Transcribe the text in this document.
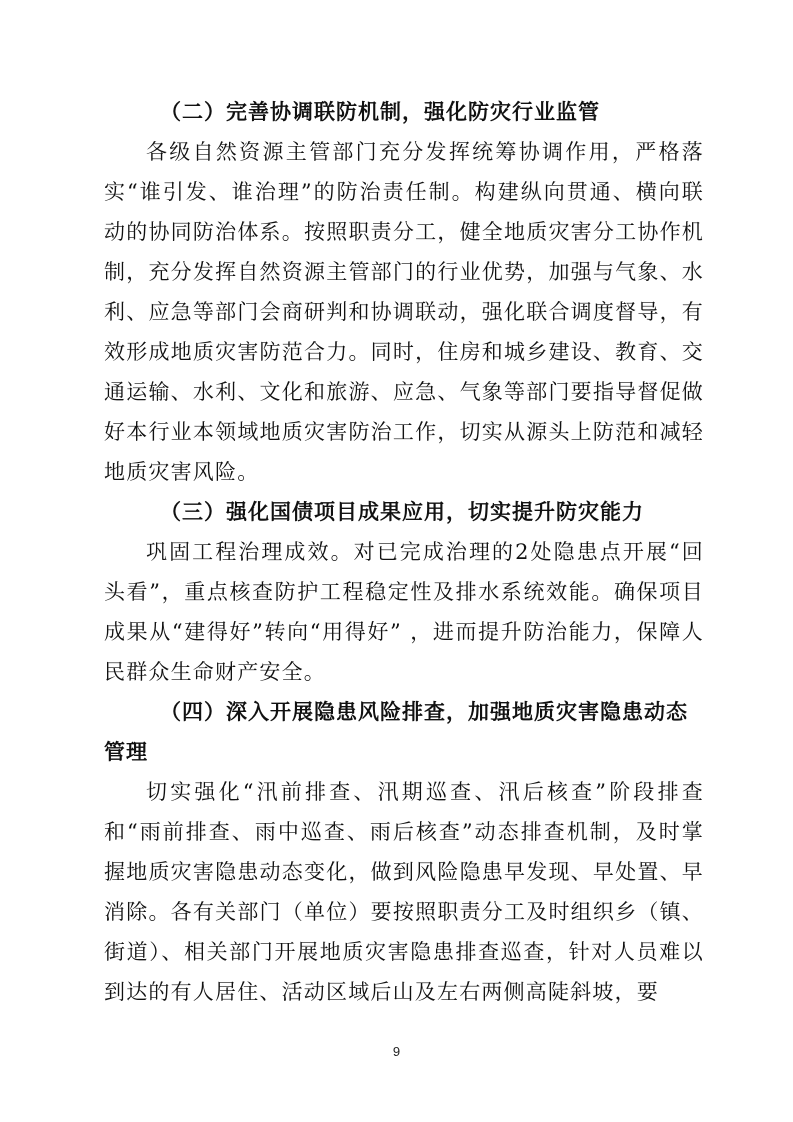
（二）完善协调联防机制，强化防灾行业监管

各级自然资源主管部门充分发挥统筹协调作用，严格落实“谁引发、谁治理”的防治责任制。构建纵向贯通、横向联动的协同防治体系。按照职责分工，健全地质灾害分工协作机制，充分发挥自然资源主管部门的行业优势，加强与气象、水利、应急等部门会商研判和协调联动，强化联合调度督导，有效形成地质灾害防范合力。同时，住房和城乡建设、教育、交通运输、水利、文化和旅游、应急、气象等部门要指导督促做好本行业本领域地质灾害防治工作，切实从源头上防范和减轻地质灾害风险。

（三）强化国债项目成果应用，切实提升防灾能力

巩固工程治理成效。对已完成治理的2处隐患点开展“回头看”，重点核查防护工程稳定性及排水系统效能。确保项目成果从“建得好”转向“用得好” ，进而提升防治能力，保障人民群众生命财产安全。

（四）深入开展隐患风险排查，加强地质灾害隐患动态管理

切实强化“汛前排查、汛期巡查、汛后核查”阶段排查和“雨前排查、雨中巡查、雨后核查”动态排查机制，及时掌握地质灾害隐患动态变化，做到风险隐患早发现、早处置、早消除。各有关部门（单位）要按照职责分工及时组织乡（镇、街道）、相关部门开展地质灾害隐患排查巡查，针对人员难以到达的有人居住、活动区域后山及左右两侧高陡斜坡，要

9
